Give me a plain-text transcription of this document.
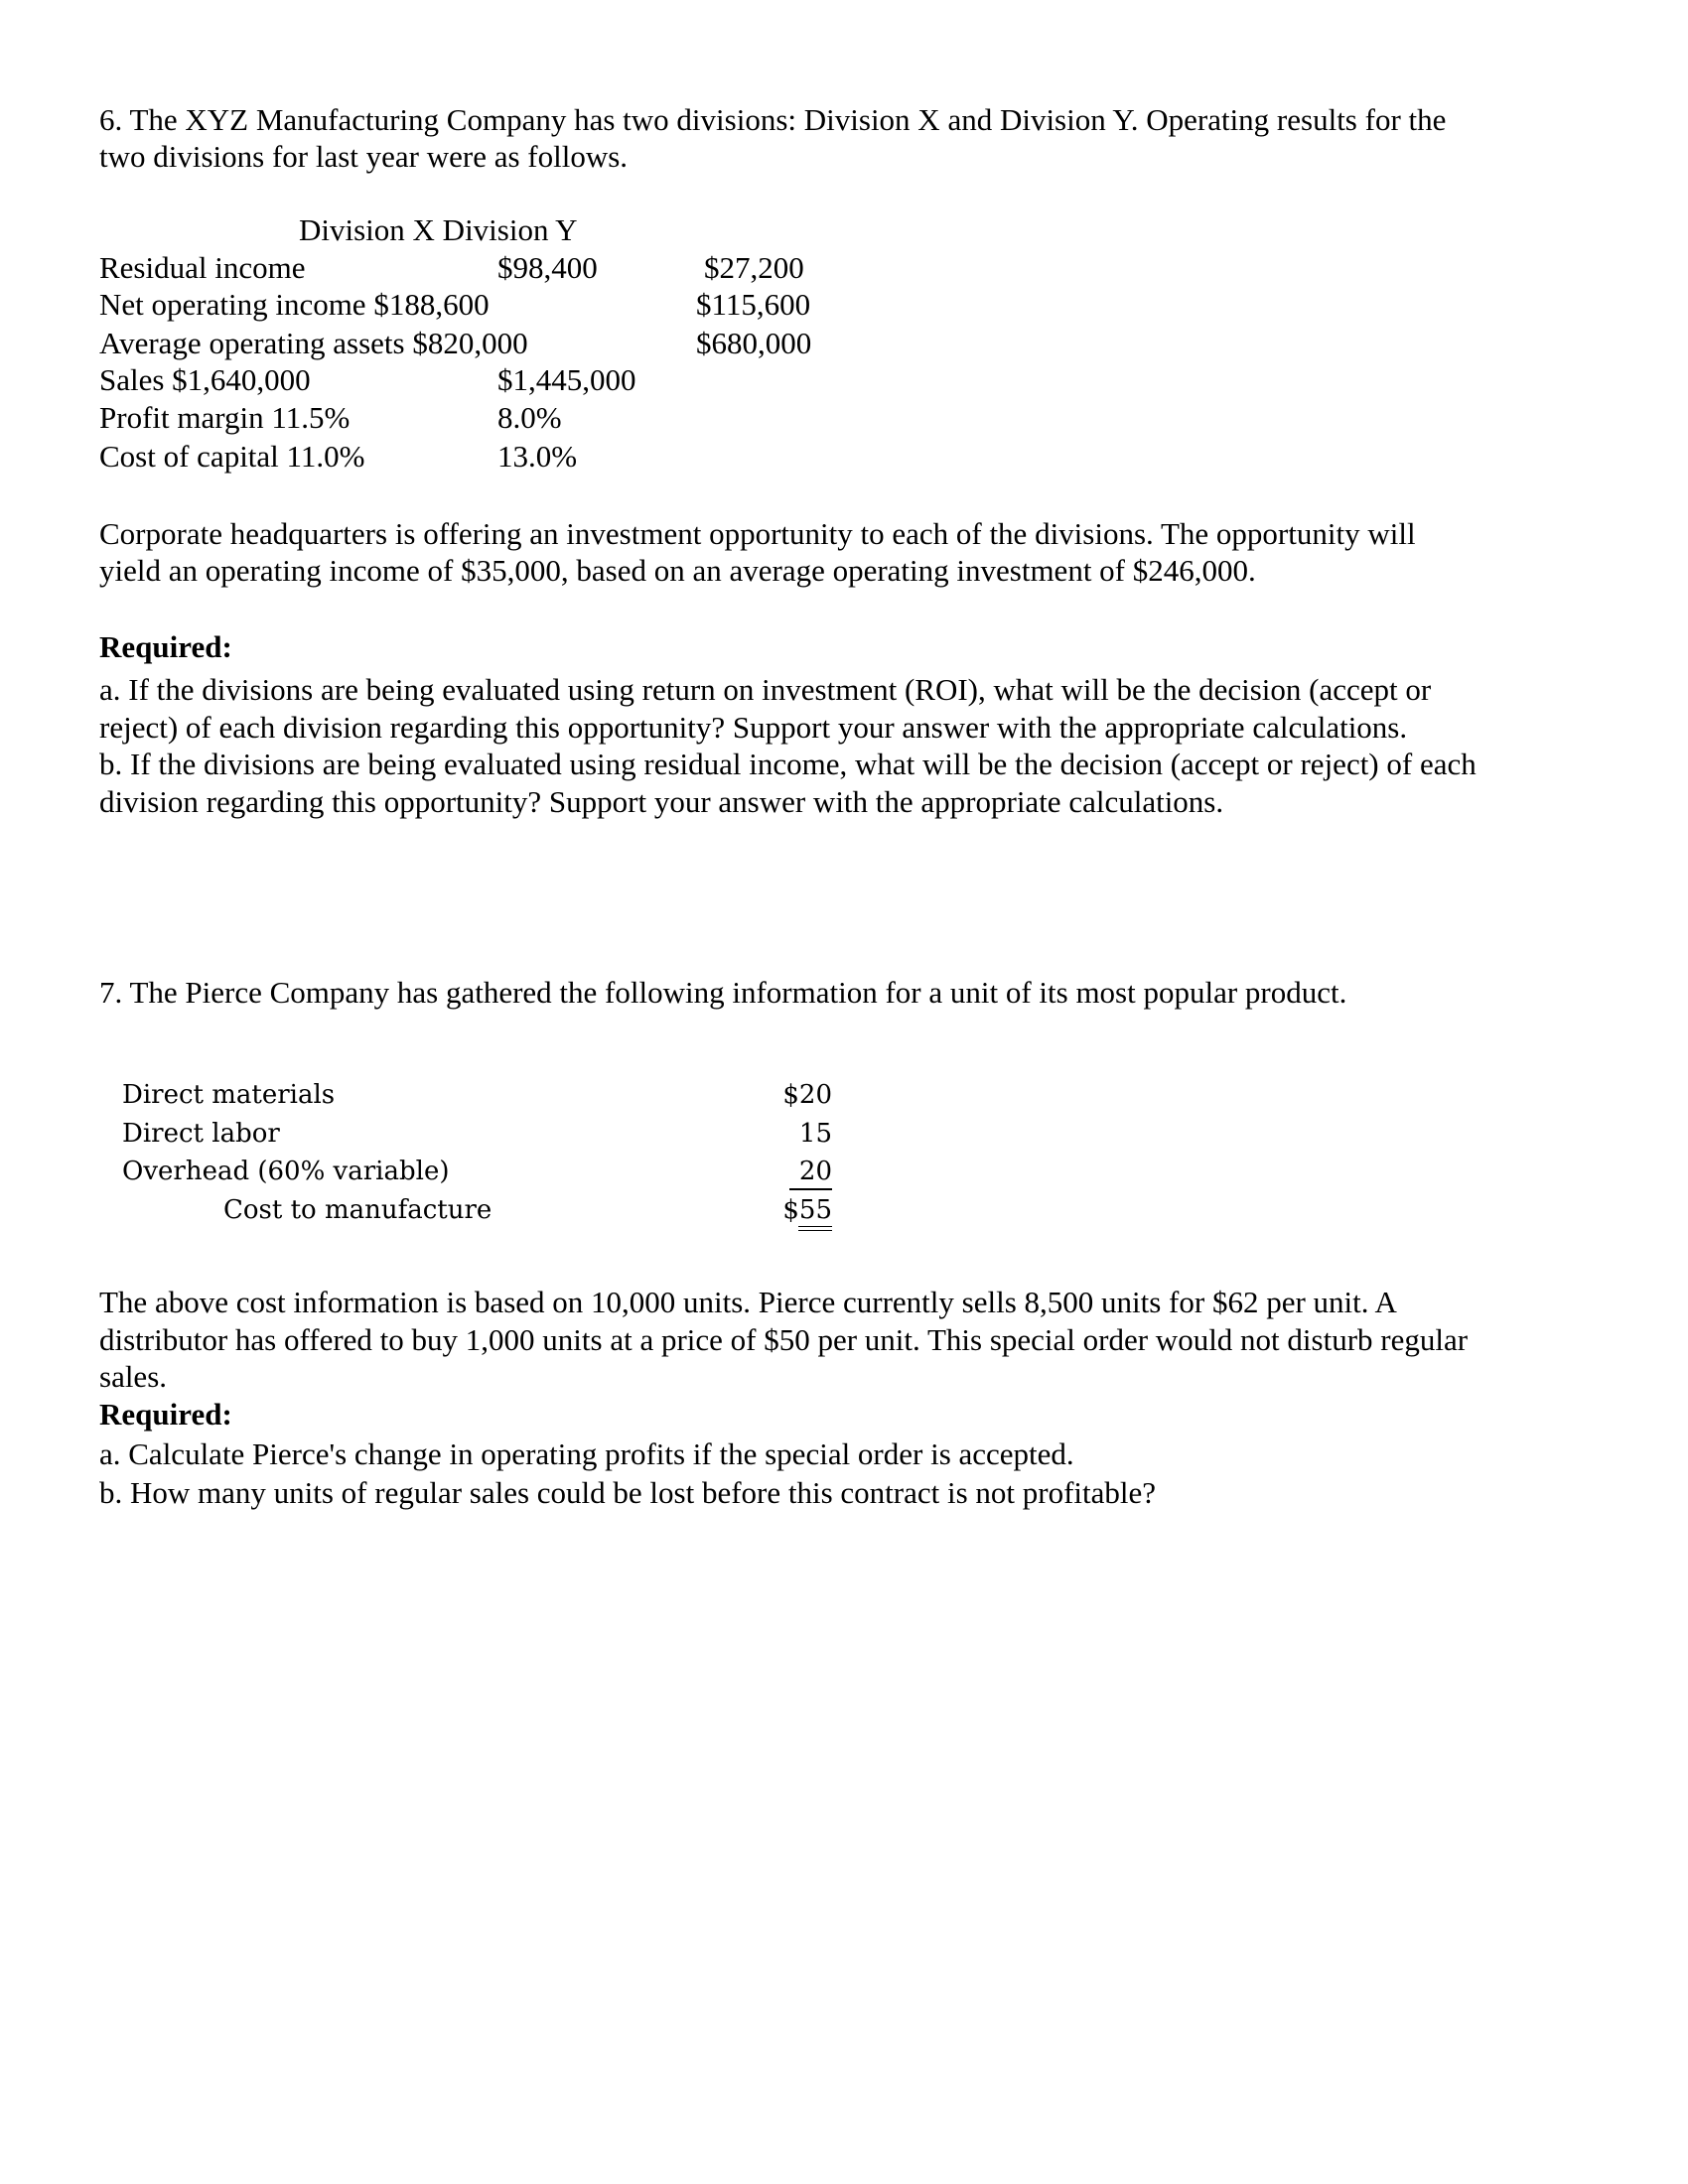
6. The XYZ Manufacturing Company has two divisions: Division X and Division Y. Operating results for the
two divisions for last year were as follows.
Division X Division Y
Residual income	$98,400	$27,200
Net operating income $188,600	$115,600
Average operating assets $820,000	$680,000
Sales $1,640,000	$1,445,000
Profit margin 11.5%	8.0%
Cost of capital 11.0%	13.0%
Corporate headquarters is offering an investment opportunity to each of the divisions. The opportunity will
yield an operating income of $35,000, based on an average operating investment of $246,000.
Required:
a. If the divisions are being evaluated using return on investment (ROI), what will be the decision (accept or
reject) of each division regarding this opportunity? Support your answer with the appropriate calculations.
b. If the divisions are being evaluated using residual income, what will be the decision (accept or reject) of each
division regarding this opportunity? Support your answer with the appropriate calculations.
7. The Pierce Company has gathered the following information for a unit of its most popular product.
Direct materials	$20
Direct labor	15
Overhead (60% variable)	20
Cost to manufacture	$55
The above cost information is based on 10,000 units. Pierce currently sells 8,500 units for $62 per unit. A
distributor has offered to buy 1,000 units at a price of $50 per unit. This special order would not disturb regular
sales.
Required:
a. Calculate Pierce's change in operating profits if the special order is accepted.
b. How many units of regular sales could be lost before this contract is not profitable?
